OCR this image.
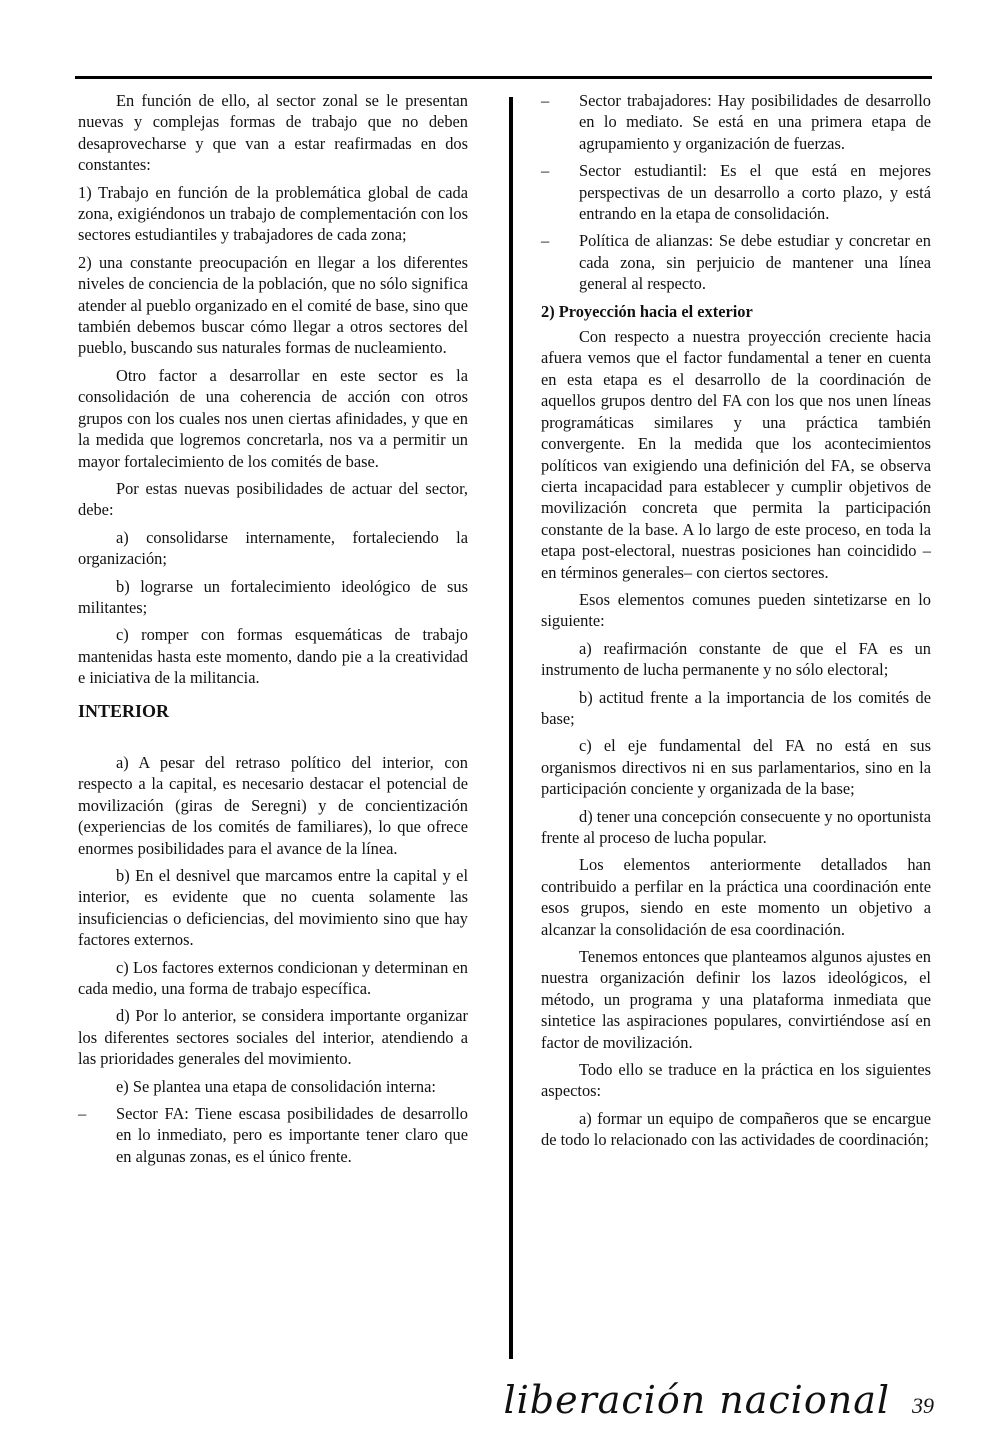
En función de ello, al sector zonal se le presentan nuevas y complejas formas de trabajo que no deben desaprovecharse y que van a estar reafirmadas en dos constantes:

1) Trabajo en función de la problemática global de cada zona, exigiéndonos un trabajo de complementación con los sectores estudiantiles y trabajadores de cada zona;

2) una constante preocupación en llegar a los diferentes niveles de conciencia de la población, que no sólo significa atender al pueblo organizado en el comité de base, sino que también debemos buscar cómo llegar a otros sectores del pueblo, buscando sus naturales formas de nucleamiento.

Otro factor a desarrollar en este sector es la consolidación de una coherencia de acción con otros grupos con los cuales nos unen ciertas afinidades, y que en la medida que logremos concretarla, nos va a permitir un mayor fortalecimiento de los comités de base.

Por estas nuevas posibilidades de actuar del sector, debe:

a) consolidarse internamente, fortaleciendo la organización;

b) lograrse un fortalecimiento ideológico de sus militantes;

c) romper con formas esquemáticas de trabajo mantenidas hasta este momento, dando pie a la creatividad e iniciativa de la militancia.

INTERIOR

a) A pesar del retraso político del interior, con respecto a la capital, es necesario destacar el potencial de movilización (giras de Seregni) y de concientización (experiencias de los comités de familiares), lo que ofrece enormes posibilidades para el avance de la línea.

b) En el desnivel que marcamos entre la capital y el interior, es evidente que no cuenta solamente las insuficiencias o deficiencias, del movimiento sino que hay factores externos.

c) Los factores externos condicionan y determinan en cada medio, una forma de trabajo específica.

d) Por lo anterior, se considera importante organizar los diferentes sectores sociales del interior, atendiendo a las prioridades generales del movimiento.

e) Se plantea una etapa de consolidación interna:

–	Sector FA: Tiene escasa posibilidades de desarrollo en lo inmediato, pero es importante tener claro que en algunas zonas, es el único frente.
–	Sector trabajadores: Hay posibilidades de desarrollo en lo mediato. Se está en una primera etapa de agrupamiento y organización de fuerzas.
–	Sector estudiantil: Es el que está en mejores perspectivas de un desarrollo a corto plazo, y está entrando en la etapa de consolidación.
–	Política de alianzas: Se debe estudiar y concretar en cada zona, sin perjuicio de mantener una línea general al respecto.
2) Proyección hacia el exterior

Con respecto a nuestra proyección creciente hacia afuera vemos que el factor fundamental a tener en cuenta en esta etapa es el desarrollo de la coordinación de aquellos grupos dentro del FA con los que nos unen líneas programáticas similares y una práctica también convergente. En la medida que los acontecimientos políticos van exigiendo una definición del FA, se observa cierta incapacidad para establecer y cumplir objetivos de movilización concreta que permita la participación constante de la base. A lo largo de este proceso, en toda la etapa post-electoral, nuestras posiciones han coincidido –en términos generales– con ciertos sectores.

Esos elementos comunes pueden sintetizarse en lo siguiente:

a) reafirmación constante de que el FA es un instrumento de lucha permanente y no sólo electoral;

b) actitud frente a la importancia de los comités de base;

c) el eje fundamental del FA no está en sus organismos directivos ni en sus parlamentarios, sino en la participación conciente y organizada de la base;

d) tener una concepción consecuente y no oportunista frente al proceso de lucha popular.

Los elementos anteriormente detallados han contribuido a perfilar en la práctica una coordinación ente esos grupos, siendo en este momento un objetivo a alcanzar la consolidación de esa coordinación.

Tenemos entonces que planteamos algunos ajustes en nuestra organización definir los lazos ideológicos, el método, un programa y una plataforma inmediata que sintetice las aspiraciones populares, convirtiéndose así en factor de movilización.

Todo ello se traduce en la práctica en los siguientes aspectos:

a) formar un equipo de compañeros que se encargue de todo lo relacionado con las actividades de coordinación;

liberación nacional 39
